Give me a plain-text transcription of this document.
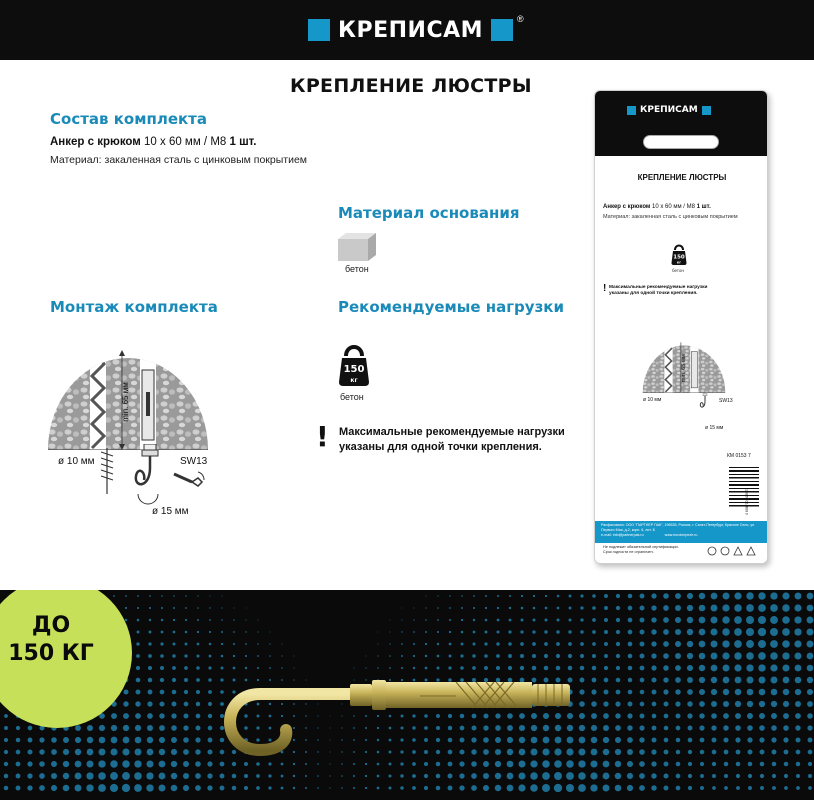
КРЕПИСАМ	®
КРЕПЛЕНИЕ ЛЮСТРЫ
Состав комплекта
Анкер с крюком 10 х 60 мм / М8 1 шт.
Материал: закаленная сталь с цинковым покрытием
Материал основания
бетон
Монтаж комплекта
min. 65 мм
ø 10 мм
ø 15 мм
SW13
Рекомендуемые нагрузки
150
кг
бетон
! Максимальные рекомендуемые нагрузки указаны для одной точки крепления.
КРЕПИСАМ
КРЕПЛЕНИЕ ЛЮСТРЫ
Анкер с крюком 10 х 60 мм / М8 1 шт.
Материал: закаленная сталь с цинковым покрытием
150
кг
бетон
! Максимальные рекомендуемые нагрузки указаны для одной точки крепления.
min. 65 мм
ø 10 мм	SW13
ø 15 мм
КМ 0153 7
4 606700 015973
Расфасовано: ООО "ПАРТНЕР ПАК", 196535, Россия, г. Санкт-Петербург, Красное Село, ул. Первого Мая, д.2, корп. 6, лит. Б
e-mail: info@partnerpak.ru	www.eurokrepezh.ru
Не подлежит обязательной сертификации.
Срок годности не ограничен.
ДО
150 КГ
